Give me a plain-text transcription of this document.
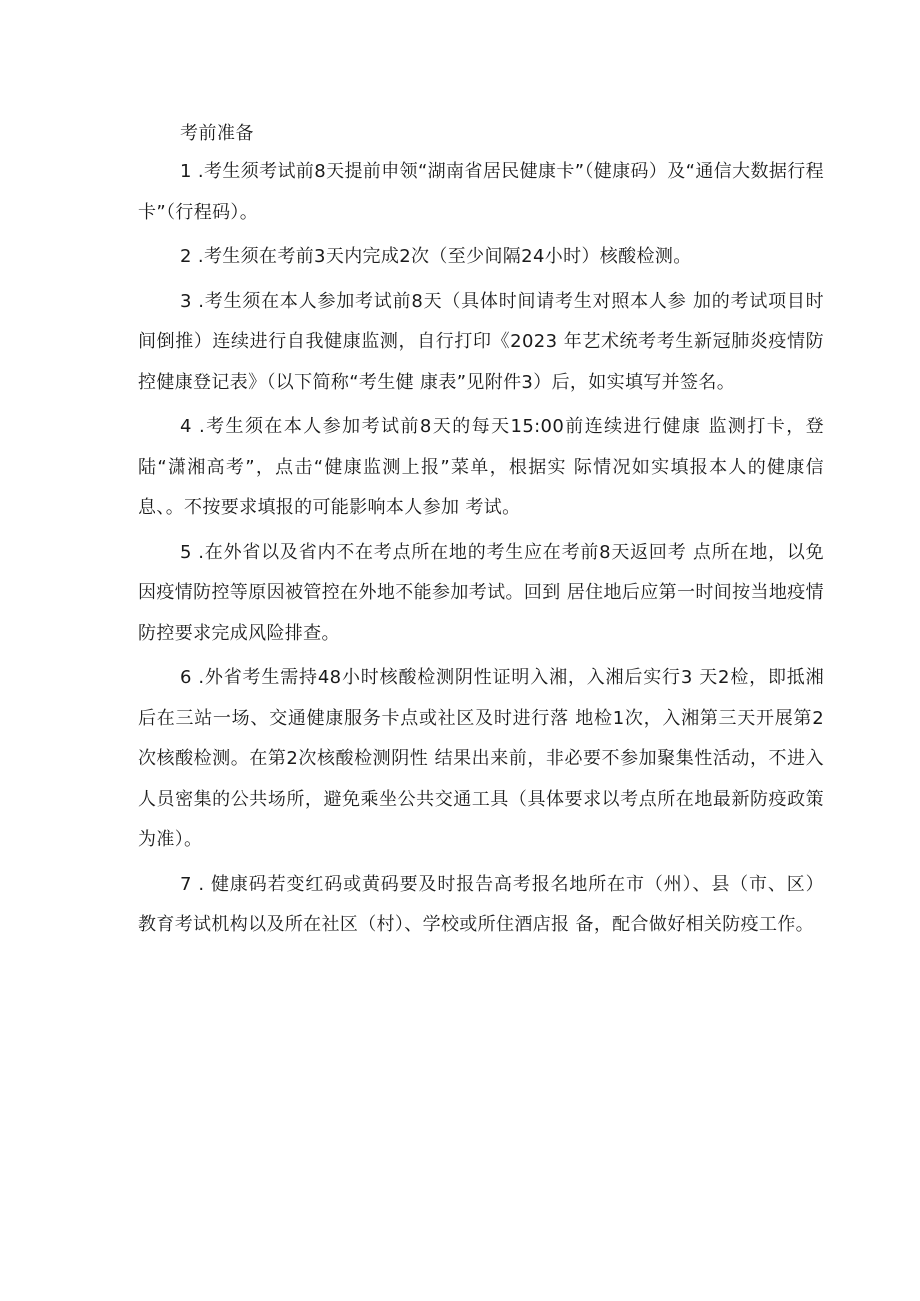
考前准备

1 .考生须考试前8天提前申领“湖南省居民健康卡”（健康码）及“通信大数据行程卡”（行程码）。

2 .考生须在考前3天内完成2次（至少间隔24小时）核酸检测。

3 .考生须在本人参加考试前8天（具体时间请考生对照本人参 加的考试项目时间倒推）连续进行自我健康监测，自行打印《2023 年艺术统考考生新冠肺炎疫情防控健康登记表》（以下简称“考生健 康表”见附件3）后，如实填写并签名。

4 .考生须在本人参加考试前8天的每天15:00前连续进行健康 监测打卡，登陆“潇湘高考”，点击“健康监测上报”菜单，根据实 际情况如实填报本人的健康信息、。不按要求填报的可能影响本人参加 考试。

5 .在外省以及省内不在考点所在地的考生应在考前8天返回考 点所在地，以免因疫情防控等原因被管控在外地不能参加考试。回到 居住地后应第一时间按当地疫情防控要求完成风险排查。

6 .外省考生需持48小时核酸检测阴性证明入湘，入湘后实行3 天2检，即抵湘后在三站一场、交通健康服务卡点或社区及时进行落 地检1次，入湘第三天开展第2次核酸检测。在第2次核酸检测阴性 结果出来前，非必要不参加聚集性活动，不进入人员密集的公共场所，避免乘坐公共交通工具（具体要求以考点所在地最新防疫政策为准）。

7 . 健康码若变红码或黄码要及时报告高考报名地所在市（州）、县（市、区）教育考试机构以及所在社区（村）、学校或所住酒店报 备，配合做好相关防疫工作。
